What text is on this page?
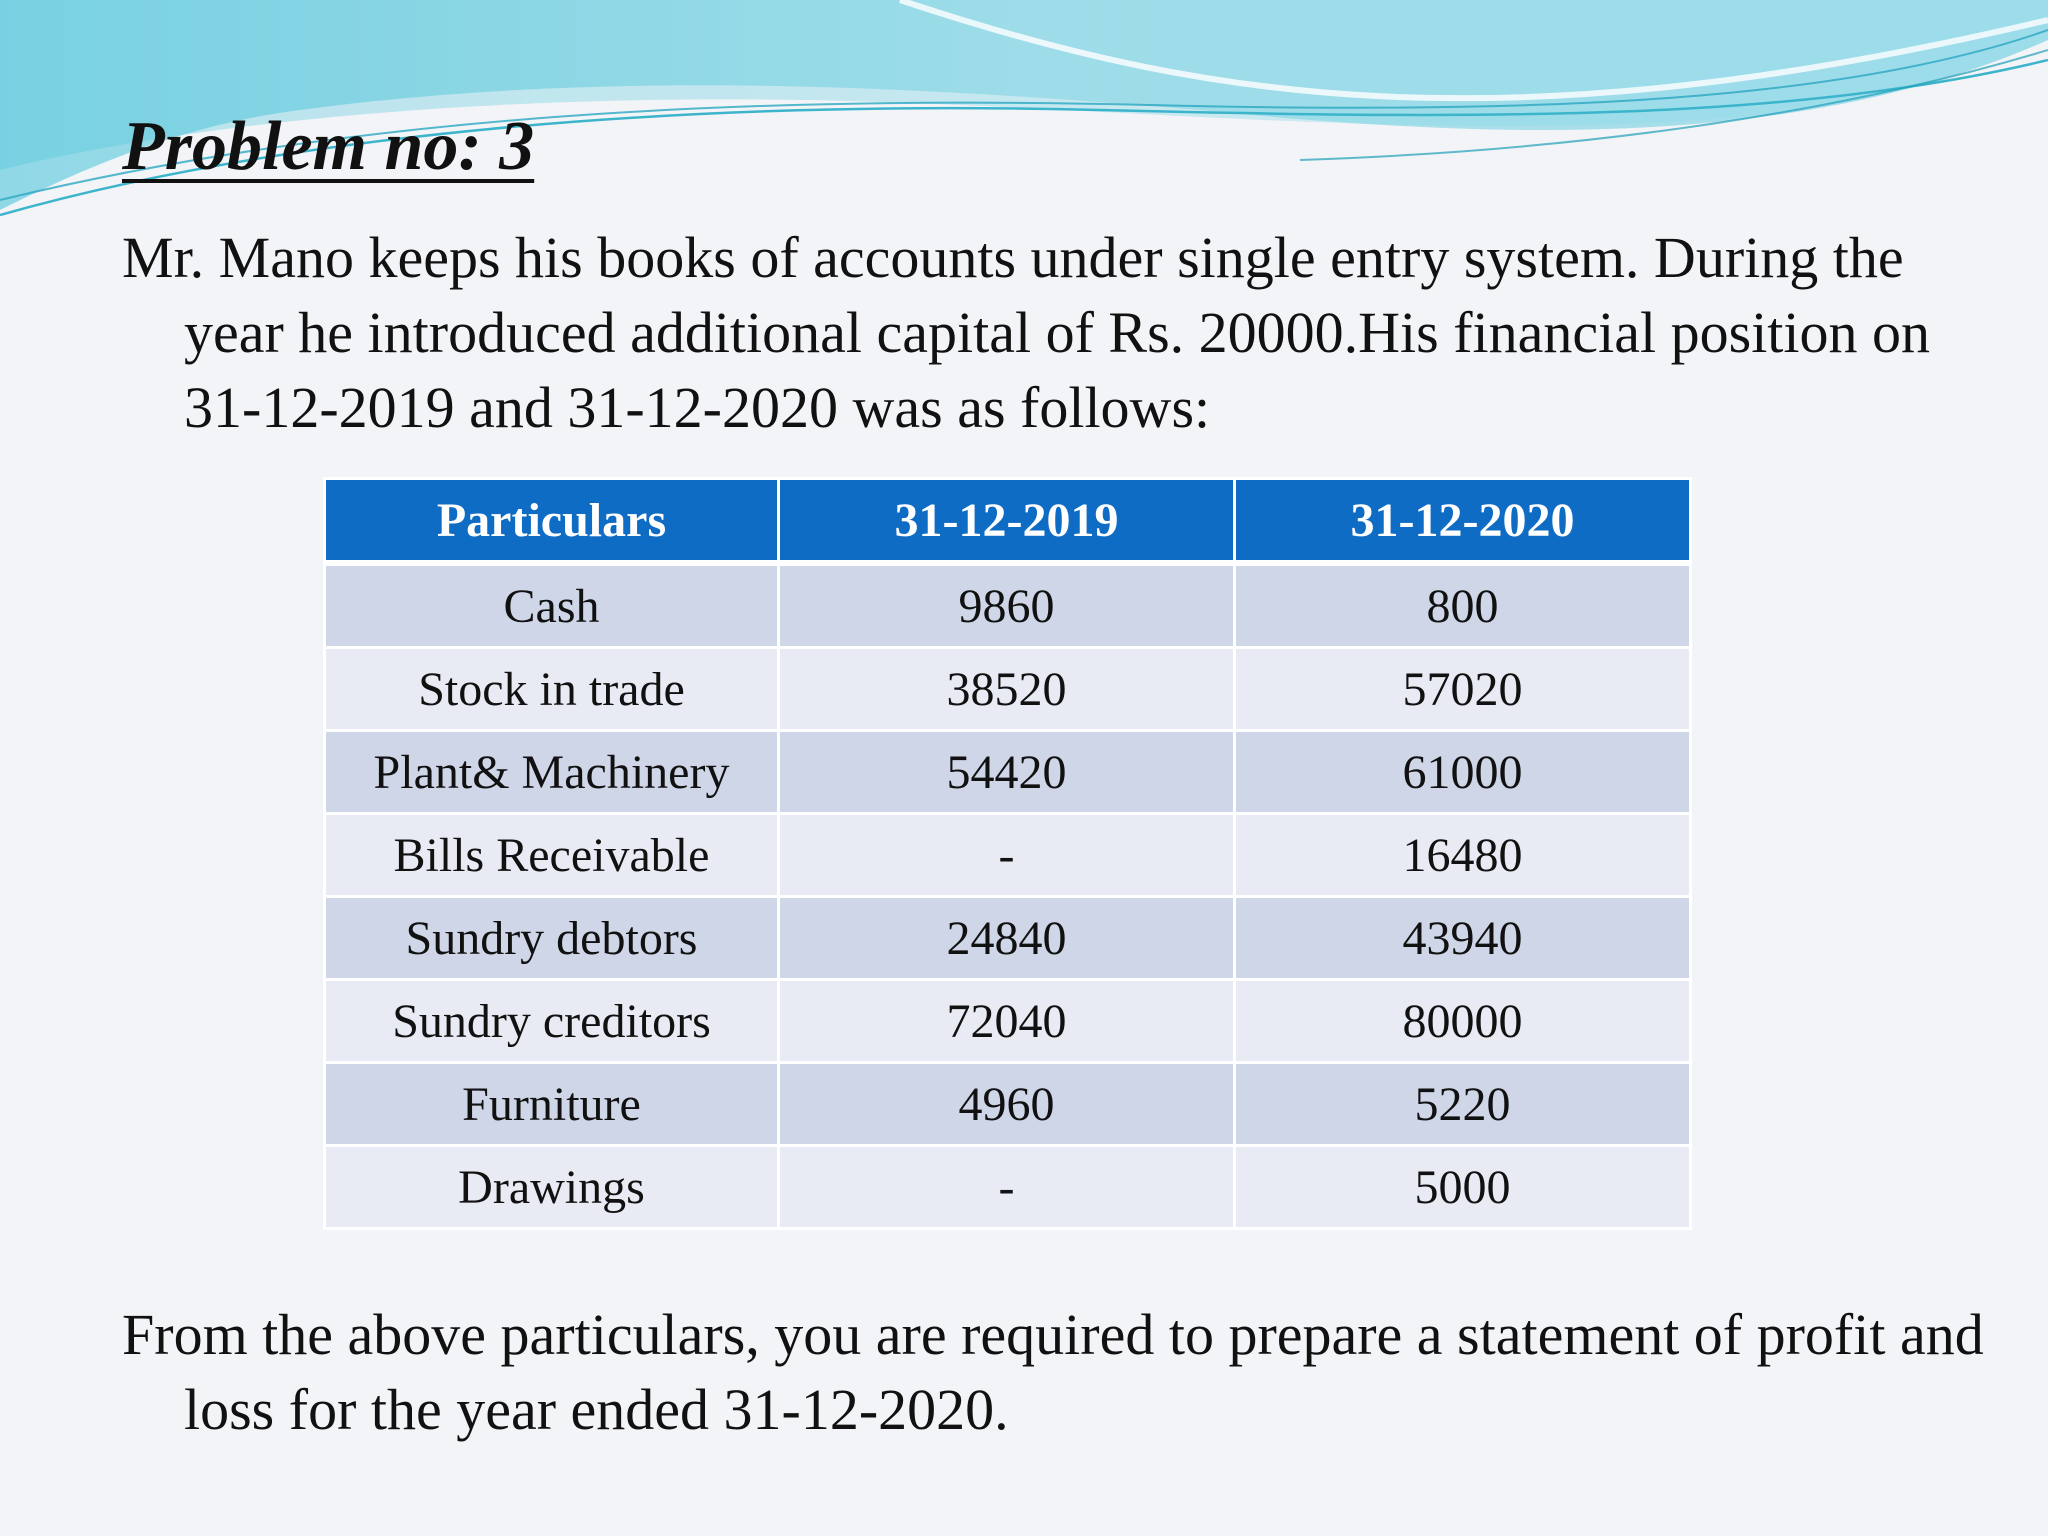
Problem no: 3

Mr. Mano keeps his books of accounts under single entry system. During the year he introduced additional capital of Rs. 20000.His financial position on 31-12-2019 and 31-12-2020 was as follows:

Particulars	31-12-2019	31-12-2020
Cash	9860	800
Stock in trade	38520	57020
Plant& Machinery	54420	61000
Bills Receivable	-	16480
Sundry debtors	24840	43940
Sundry creditors	72040	80000
Furniture	4960	5220
Drawings	-	5000

From the above particulars, you are required to prepare a statement of profit and loss for the year ended 31-12-2020.
